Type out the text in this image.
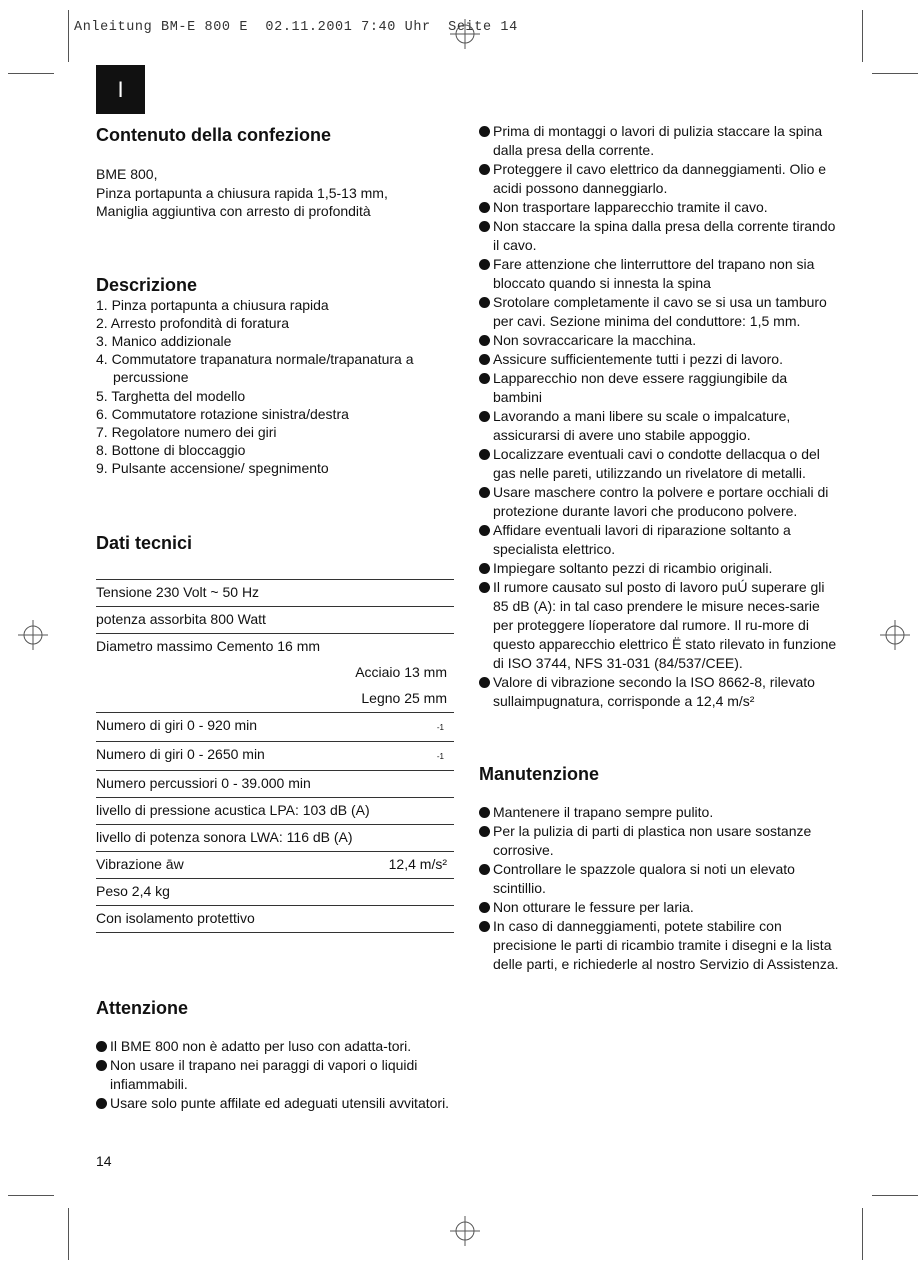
Anleitung BM-E 800 E  02.11.2001 7:40 Uhr  Seite 14
I
Contenuto della confezione

BME 800,

Pinza portapunta a chiusura rapida 1,5-13 mm,

Maniglia aggiuntiva con arresto di profondità

Descrizione
1. Pinza portapunta a chiusura rapida
2. Arresto profondità di foratura
3. Manico addizionale
4. Commutatore trapanatura normale/trapanatura a percussione
5. Targhetta del modello
6. Commutatore rotazione sinistra/destra
7. Regolatore numero dei giri
8. Bottone di bloccaggio
9. Pulsante accensione/ spegnimento
Dati tecnici
Tensione 230 Volt ~ 50 Hz
potenza assorbita 800 Watt
Diametro massimo Cemento 16 mm
Acciaio 13 mm
Legno 25 mm
Numero di giri 0 - 920 min	-1
Numero di giri 0 - 2650 min	-1
Numero percussiori 0 - 39.000 min
livello di pressione acustica LPA: 103 dB (A)
livello di potenza sonora LWA: 116 dB (A)
Vibrazione āw	12,4 m/s²
Peso 2,4 kg
Con isolamento protettivo
Attenzione
Il BME 800 non è adatto per luso con adatta-tori.
Non usare il trapano nei paraggi di vapori o liquidi infiammabili.
Usare solo punte affilate ed adeguati utensili avvitatori.
Prima di montaggi o lavori di pulizia staccare la spina dalla presa della corrente.
Proteggere il cavo elettrico da danneggiamenti. Olio e acidi possono danneggiarlo.
Non trasportare lapparecchio tramite il cavo.
Non staccare la spina dalla presa della corrente tirando il cavo.
Fare attenzione che linterruttore del trapano non sia bloccato quando si innesta la spina
Srotolare completamente il cavo se si usa un tamburo per cavi. Sezione minima del conduttore: 1,5 mm.
Non sovraccaricare la macchina.
Assicure sufficientemente tutti i pezzi di lavoro.
Lapparecchio non deve essere raggiungibile da bambini
Lavorando a mani libere su scale o impalcature, assicurarsi di avere uno stabile appoggio.
Localizzare eventuali cavi o condotte dellacqua o del gas nelle pareti, utilizzando un rivelatore di metalli.
Usare maschere contro la polvere e portare occhiali di protezione durante lavori che producono polvere.
Affidare eventuali lavori di riparazione soltanto a specialista elettrico.
Impiegare soltanto pezzi di ricambio originali.
Il rumore causato sul posto di lavoro puÚ superare gli 85 dB (A): in tal caso prendere le misure neces-sarie per proteggere líoperatore dal rumore. Il ru-more di questo apparecchio elettrico Ë stato rilevato in funzione di ISO 3744, NFS 31-031 (84/537/CEE).
Valore di vibrazione secondo la ISO 8662-8, rilevato sullaimpugnatura, corrisponde a 12,4 m/s²
Manutenzione
Mantenere il trapano sempre pulito.
Per la pulizia di parti di plastica non usare sostanze corrosive.
Controllare le spazzole qualora si noti un elevato scintillio.
Non otturare le fessure per laria.
In caso di danneggiamenti, potete stabilire con precisione le parti di ricambio tramite i disegni e la lista delle parti, e richiederle al nostro Servizio di Assistenza.
14
